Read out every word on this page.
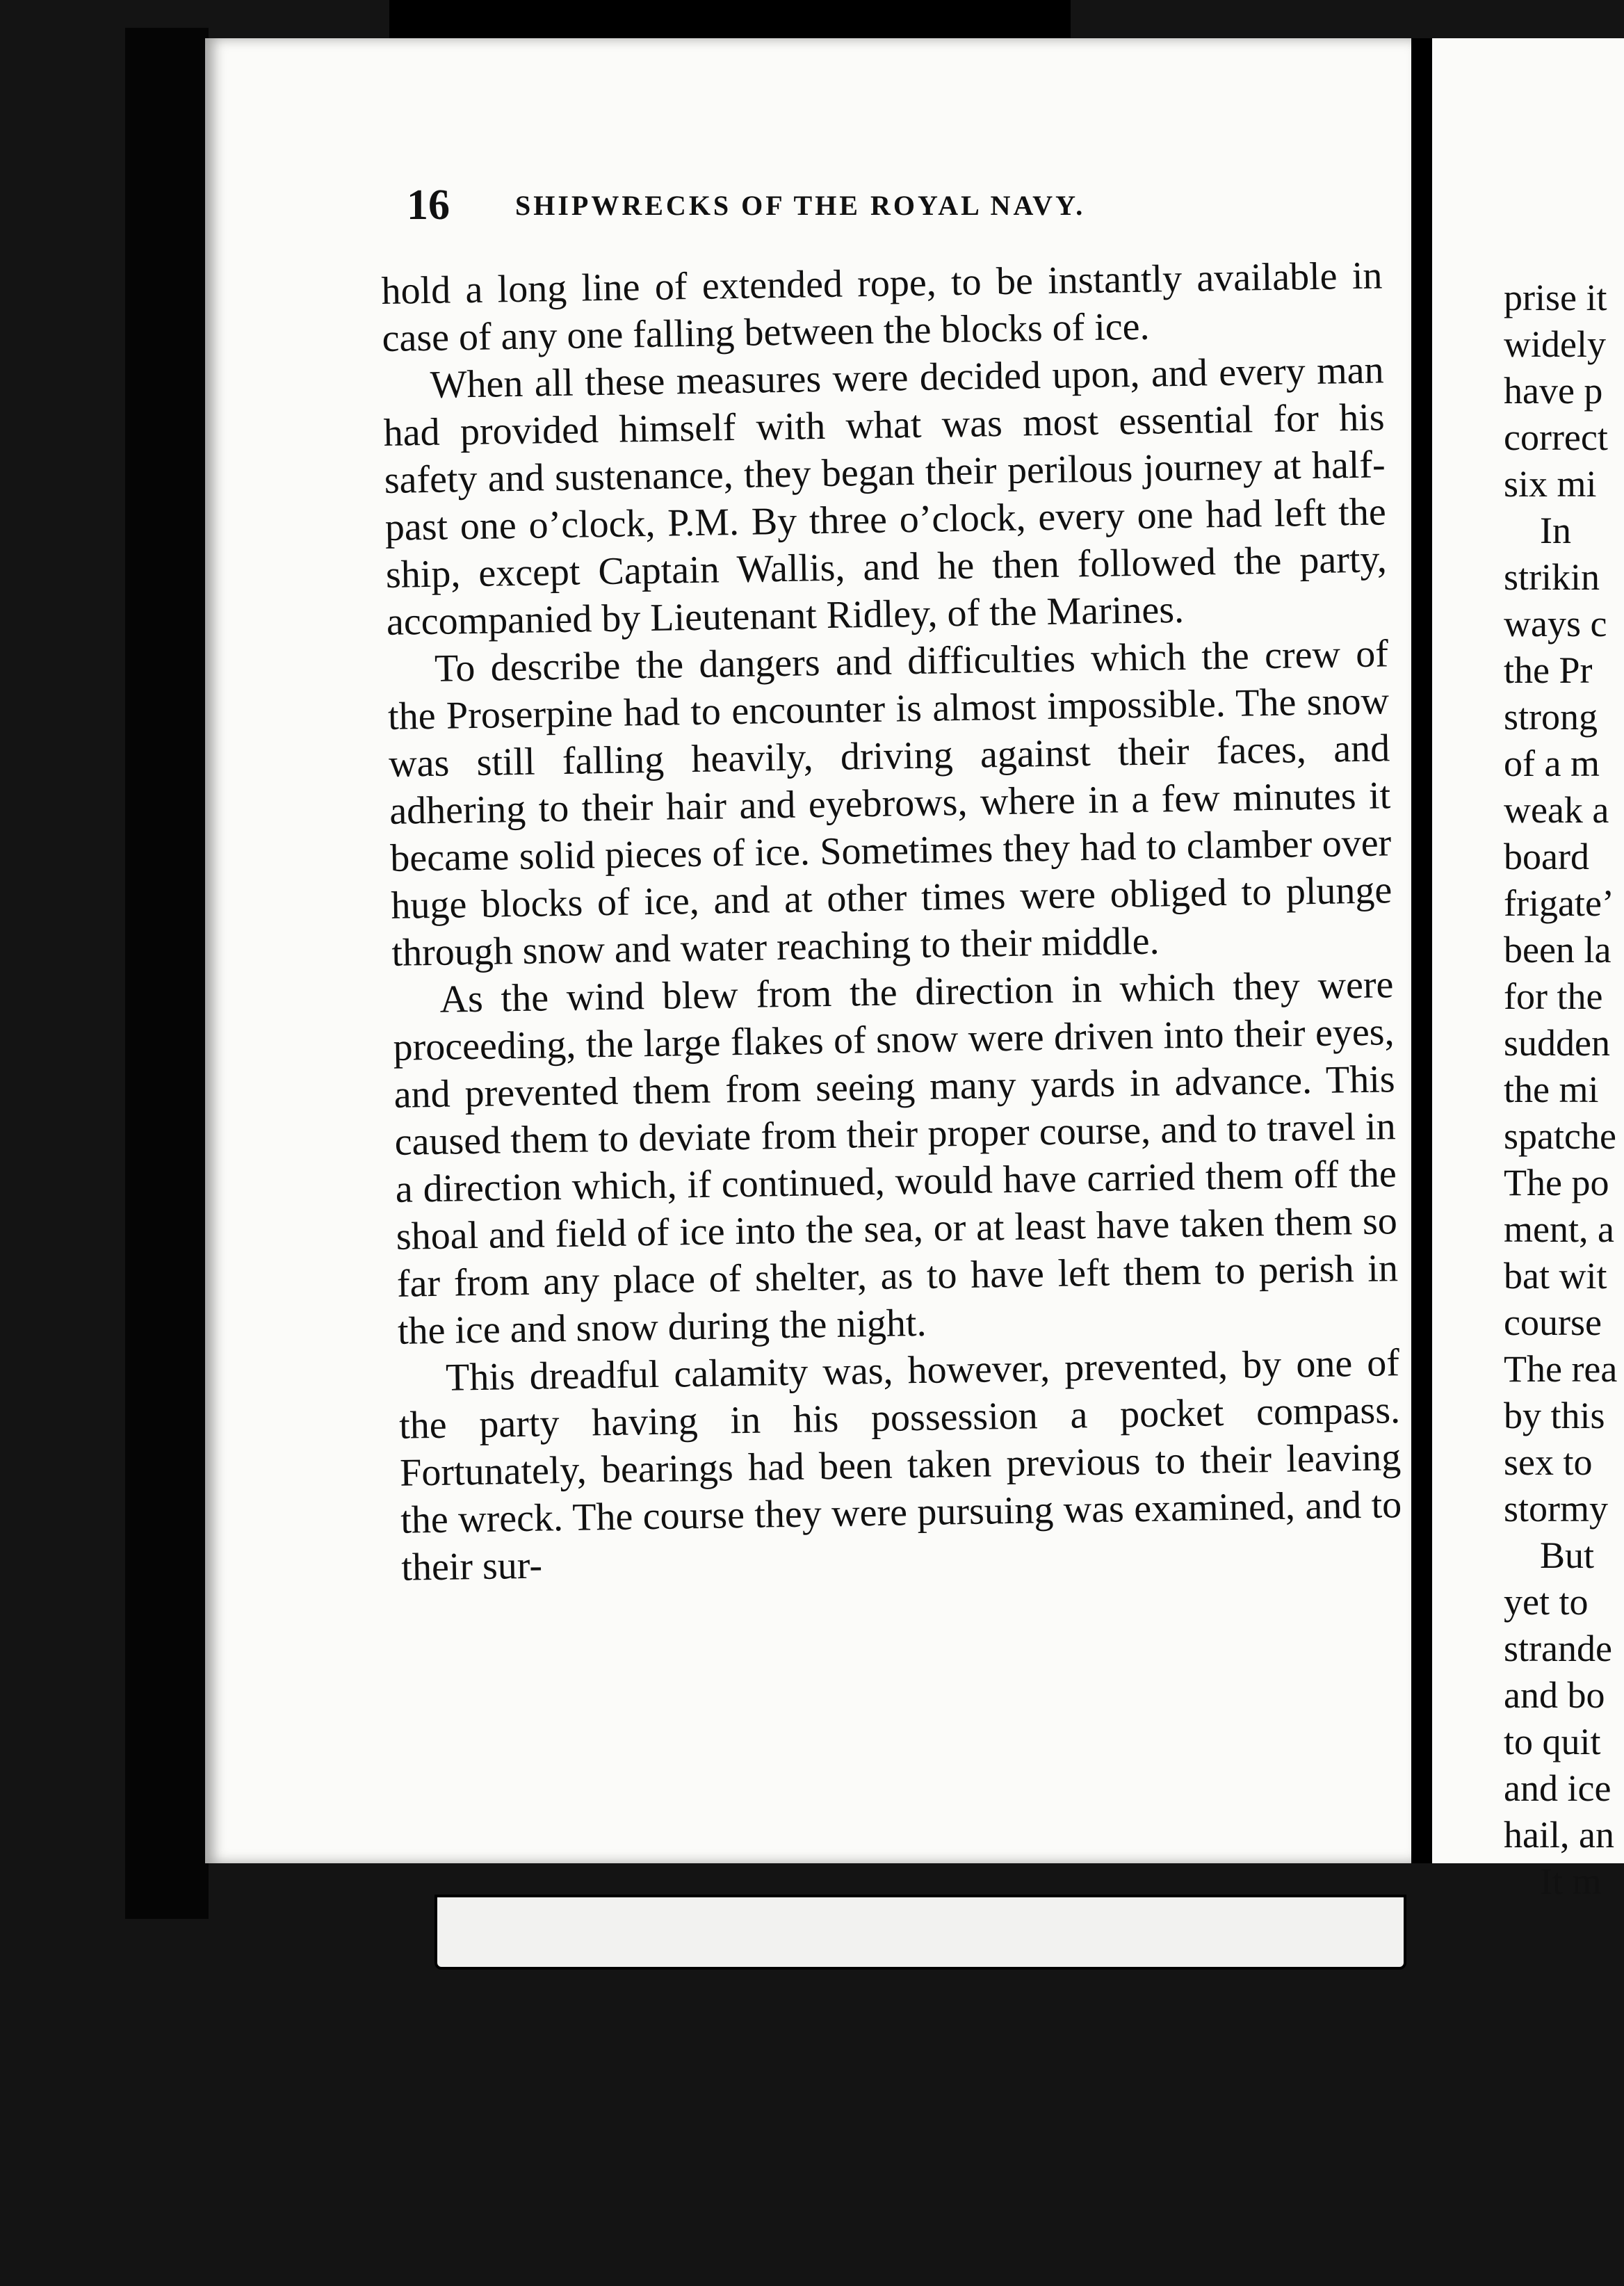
16 SHIPWRECKS OF THE ROYAL NAVY.

hold a long line of extended rope, to be instantly available in case of any one falling between the blocks of ice.

When all these measures were decided upon, and every man had provided himself with what was most essential for his safety and sustenance, they began their perilous journey at half-past one o’clock, P.M. By three o’clock, every one had left the ship, except Captain Wallis, and he then followed the party, accompanied by Lieutenant Ridley, of the Marines.

To describe the dangers and difficulties which the crew of the Proserpine had to encounter is almost impossible. The snow was still falling heavily, driving against their faces, and adhering to their hair and eyebrows, where in a few minutes it became solid pieces of ice. Sometimes they had to clamber over huge blocks of ice, and at other times were obliged to plunge through snow and water reaching to their middle.

As the wind blew from the direction in which they were proceeding, the large flakes of snow were driven into their eyes, and prevented them from seeing many yards in advance. This caused them to deviate from their proper course, and to travel in a direction which, if continued, would have carried them off the shoal and field of ice into the sea, or at least have taken them so far from any place of shelter, as to have left them to perish in the ice and snow during the night.

This dreadful calamity was, however, prevented, by one of the party having in his possession a pocket compass. Fortunately, bearings had been taken previous to their leaving the wreck. The course they were pursuing was examined, and to their sur-

prise it
widely
have p
correct
six mi
In
strikin
ways c
the Pr
strong
of a m
weak a
board
frigate’
been la
for the
sudden
the mi
spatche
The po
ment, a
bat wit
course
The rea
by this
sex to
stormy
But
yet to
strande
and bo
to quit
and ice
hail, an
It m
